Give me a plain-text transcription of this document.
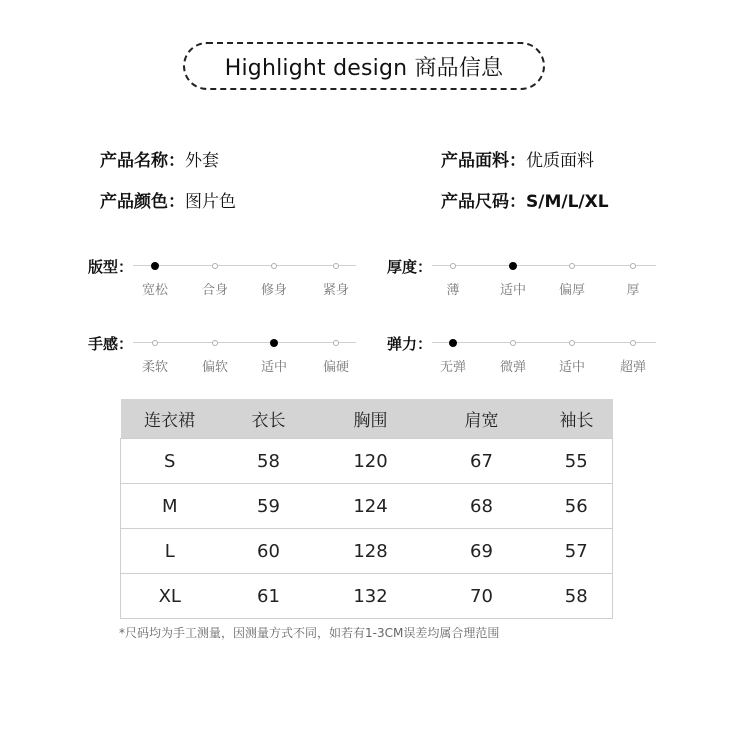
Highlight design 商品信息
产品名称：外套	产品面料：优质面料
产品颜色：图片色	产品尺码：S/M/L/XL
版型：
宽松	合身	修身	紧身
厚度：
薄	适中	偏厚	厚
手感：
柔软	偏软	适中	偏硬
弹力：
无弹	微弹	适中	超弹
连衣裙	衣长	胸围	肩宽	袖长
S	58	120	67	55
M	59	124	68	56
L	60	128	69	57
XL	61	132	70	58
*尺码均为手工测量，因测量方式不同，如若有1-3CM误差均属合理范围
